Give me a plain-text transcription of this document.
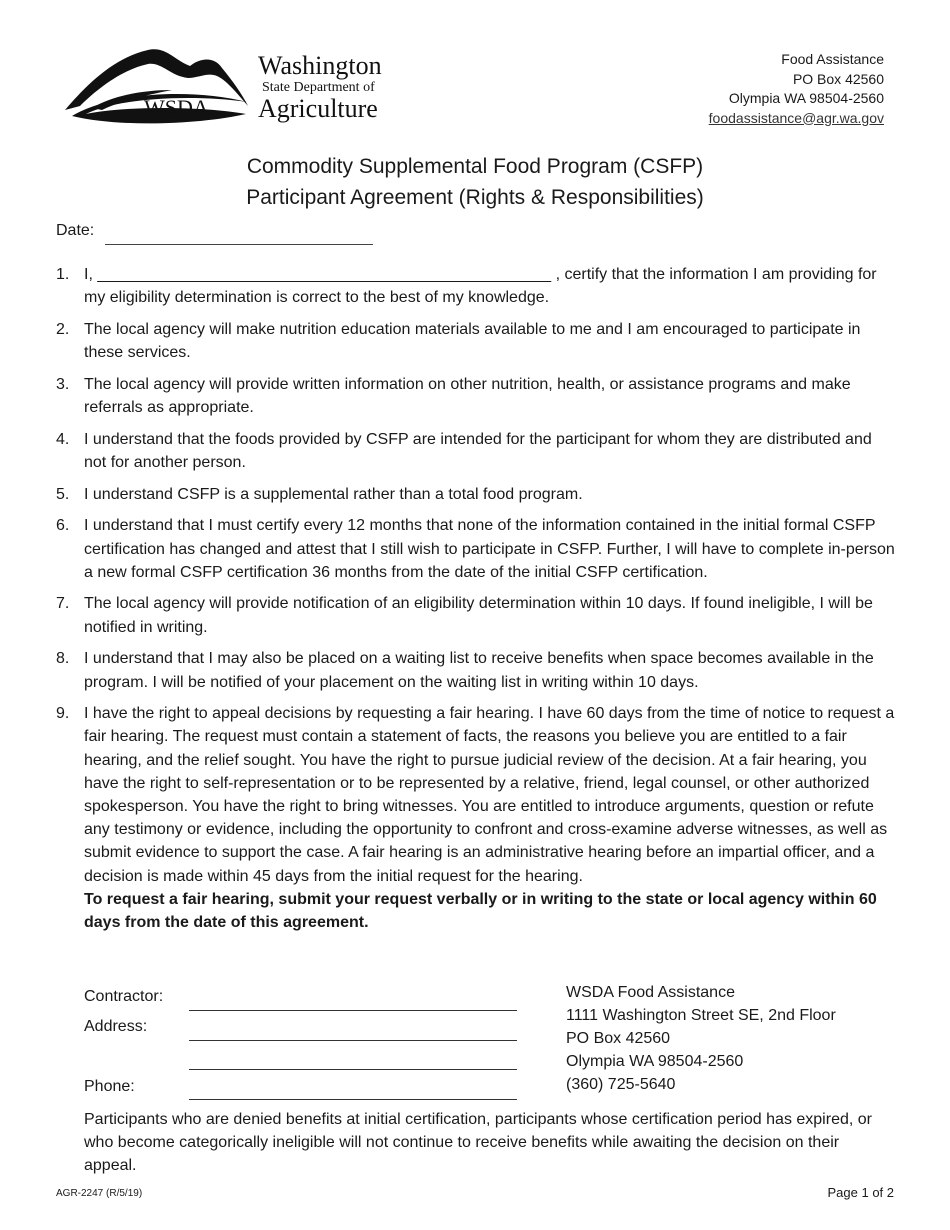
WSDA
Washington
State Department of
Agriculture
Food Assistance
PO Box 42560
Olympia WA 98504-2560
foodassistance@agr.wa.gov
Commodity Supplemental Food Program (CSFP)
Participant Agreement (Rights & Responsibilities)
Date:
1. I, ___________________________________________________ , certify that the information I am providing for my eligibility determination is correct to the best of my knowledge.
2. The local agency will make nutrition education materials available to me and I am encouraged to participate in these services.
3. The local agency will provide written information on other nutrition, health, or assistance programs and make referrals as appropriate.
4. I understand that the foods provided by CSFP are intended for the participant for whom they are distributed and not for another person.
5. I understand CSFP is a supplemental rather than a total food program.
6. I understand that I must certify every 12 months that none of the information contained in the initial formal CSFP certification has changed and attest that I still wish to participate in CSFP. Further, I will have to complete in-person a new formal CSFP certification 36 months from the date of the initial CSFP certification.
7. The local agency will provide notification of an eligibility determination within 10 days. If found ineligible, I will be notified in writing.
8. I understand that I may also be placed on a waiting list to receive benefits when space becomes available in the program. I will be notified of your placement on the waiting list in writing within 10 days.
9. I have the right to appeal decisions by requesting a fair hearing. I have 60 days from the time of notice to request a fair hearing. The request must contain a statement of facts, the reasons you believe you are entitled to a fair hearing, and the relief sought. You have the right to pursue judicial review of the decision. At a fair hearing, you have the right to self-representation or to be represented by a relative, friend, legal counsel, or other authorized spokesperson. You have the right to bring witnesses. You are entitled to introduce arguments, question or refute any testimony or evidence, including the opportunity to confront and cross-examine adverse witnesses, as well as submit evidence to support the case. A fair hearing is an administrative hearing before an impartial officer, and a decision is made within 45 days from the initial request for the hearing.
To request a fair hearing, submit your request verbally or in writing to the state or local agency within 60 days from the date of this agreement.
Contractor:
Address:
Phone:
WSDA Food Assistance
1111 Washington Street SE, 2nd Floor
PO Box 42560
Olympia WA 98504-2560
(360) 725-5640
Participants who are denied benefits at initial certification, participants whose certification period has expired, or who become categorically ineligible will not continue to receive benefits while awaiting the decision on their appeal.
AGR-2247 (R/5/19)	Page 1 of 2
